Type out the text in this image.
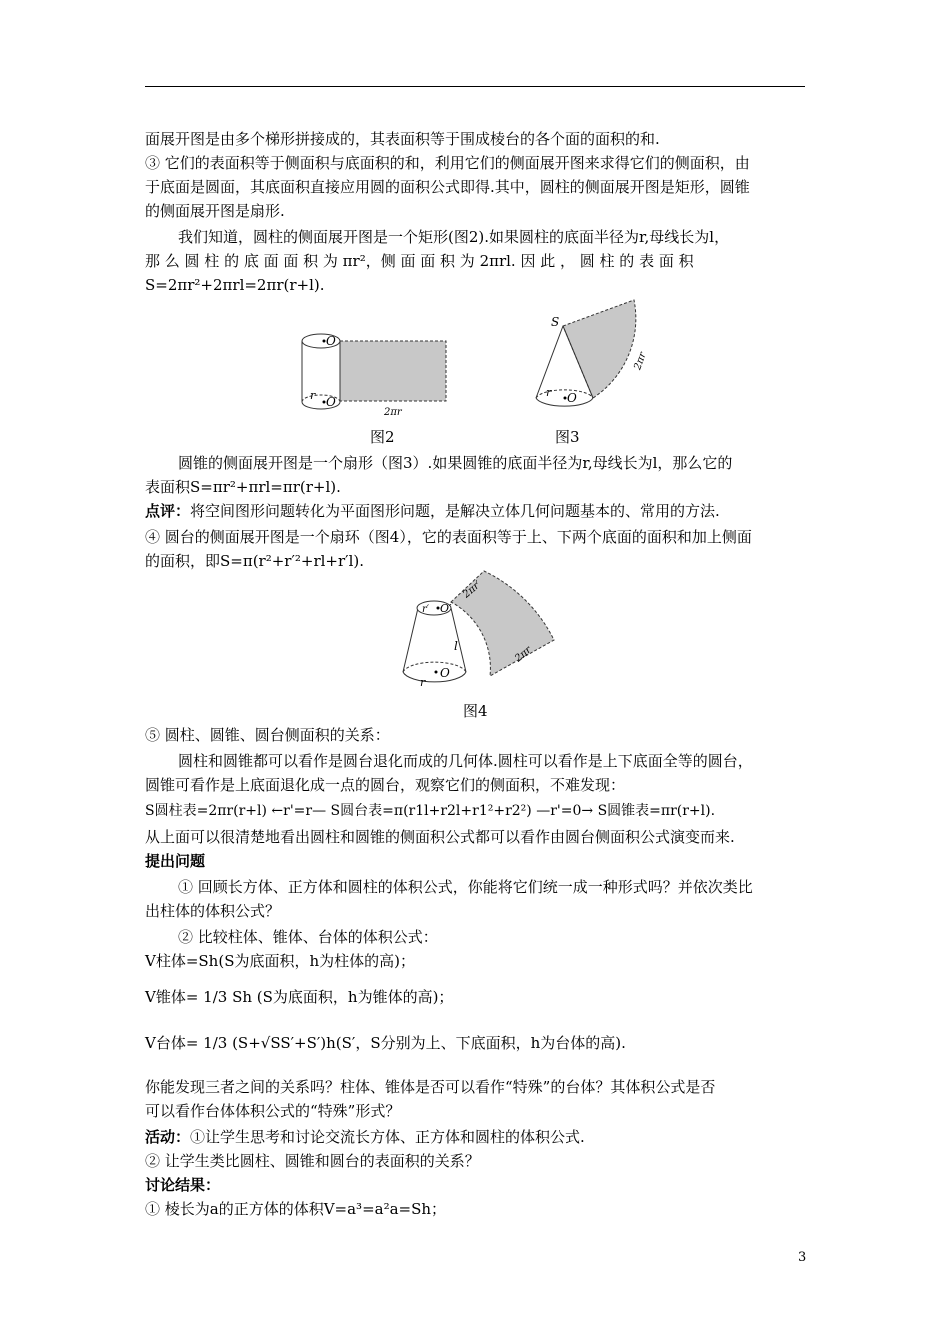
面展开图是由多个梯形拼接成的，其表面积等于围成棱台的各个面的面积的和.
③ 它们的表面积等于侧面积与底面积的和，利用它们的侧面展开图来求得它们的侧面积，由
于底面是圆面，其底面积直接应用圆的面积公式即得.其中，圆柱的侧面展开图是矩形，圆锥
的侧面展开图是扇形.
我们知道，圆柱的侧面展开图是一个矩形(图2).如果圆柱的底面半径为r,母线长为l，
那 么 圆 柱 的 底 面 面 积 为 πr²，侧 面 面 积 为 2πrl. 因 此 ， 圆 柱 的 表 面 积
S=2πr²+2πrl=2πr(r+l).
O
r O
2πr
S
r O
2πr
图2	图3
圆锥的侧面展开图是一个扇形（图3）.如果圆锥的底面半径为r,母线长为l，那么它的
表面积S=πr²+πrl=πr(r+l).
点评：将空间图形问题转化为平面图形问题，是解决立体几何问题基本的、常用的方法.
④ 圆台的侧面展开图是一个扇环（图4），它的表面积等于上、下两个底面的面积和加上侧面
的面积，即S=π(r²+r′²+rl+r′l).
r′ O′
l
r
O
2πr′
2πr
图4
⑤ 圆柱、圆锥、圆台侧面积的关系：
圆柱和圆锥都可以看作是圆台退化而成的几何体.圆柱可以看作是上下底面全等的圆台，
圆锥可看作是上底面退化成一点的圆台，观察它们的侧面积，不难发现：
S圆柱表=2πr(r+l) ←r'=r— S圆台表=π(r1l+r2l+r1²+r2²) —r'=0→ S圆锥表=πr(r+l).
从上面可以很清楚地看出圆柱和圆锥的侧面积公式都可以看作由圆台侧面积公式演变而来.
提出问题
① 回顾长方体、正方体和圆柱的体积公式，你能将它们统一成一种形式吗？并依次类比
出柱体的体积公式？
② 比较柱体、锥体、台体的体积公式：
V柱体=Sh(S为底面积，h为柱体的高)；
V锥体= 1/3 Sh (S为底面积，h为锥体的高)；
V台体= 1/3 (S+√SS′+S′)h(S′，S分别为上、下底面积，h为台体的高).
你能发现三者之间的关系吗？柱体、锥体是否可以看作“特殊”的台体？其体积公式是否
可以看作台体体积公式的“特殊”形式？
活动：①让学生思考和讨论交流长方体、正方体和圆柱的体积公式.
② 让学生类比圆柱、圆锥和圆台的表面积的关系？
讨论结果：
① 棱长为a的正方体的体积V=a³=a²a=Sh；
3
